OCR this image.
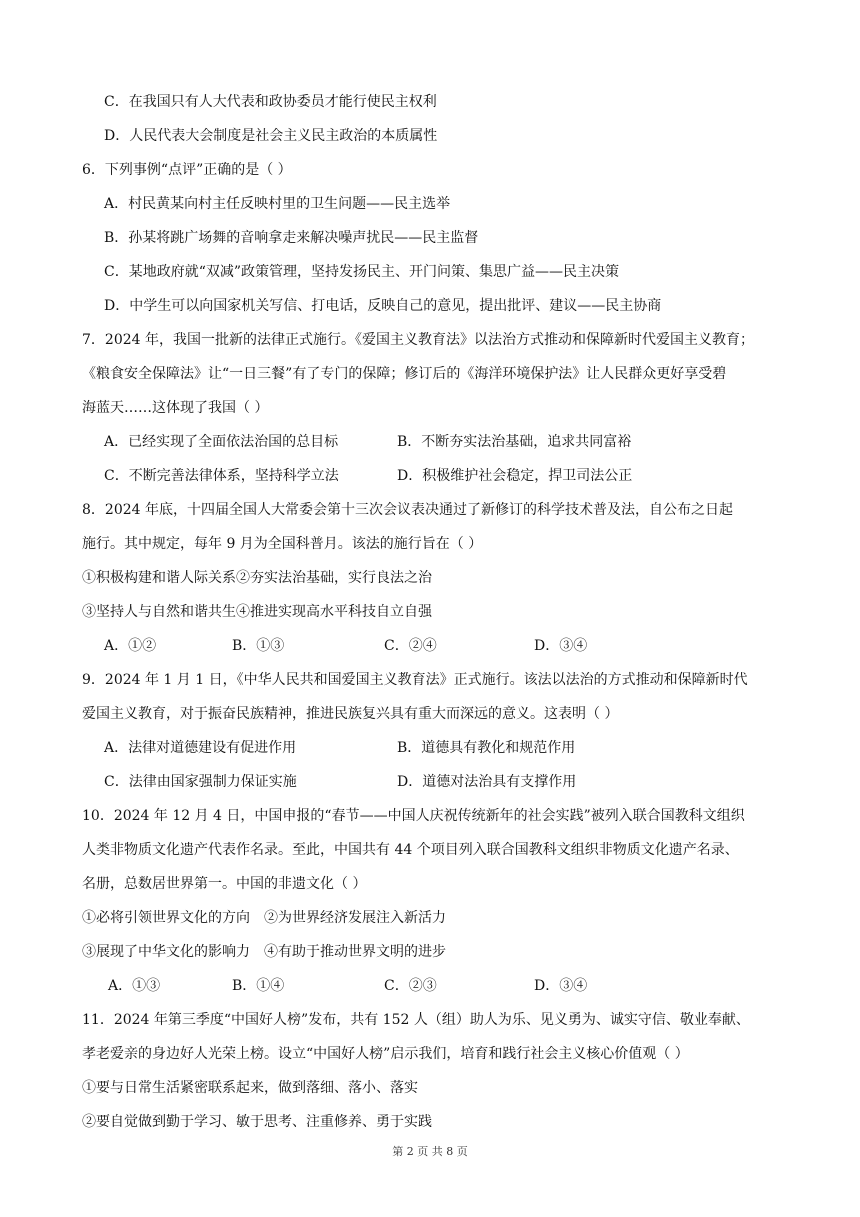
C．在我国只有人大代表和政协委员才能行使民主权利
D．人民代表大会制度是社会主义民主政治的本质属性
6．下列事例“点评”正确的是（ ）
A．村民黄某向村主任反映村里的卫生问题——民主选举
B．孙某将跳广场舞的音响拿走来解决噪声扰民——民主监督
C．某地政府就“双减”政策管理，坚持发扬民主、开门问策、集思广益——民主决策
D．中学生可以向国家机关写信、打电话，反映自己的意见，提出批评、建议——民主协商
7．2024 年，我国一批新的法律正式施行。《爱国主义教育法》以法治方式推动和保障新时代爱国主义教育；
《粮食安全保障法》让“一日三餐”有了专门的保障；修订后的《海洋环境保护法》让人民群众更好享受碧
海蓝天……这体现了我国（ ）
A．已经实现了全面依法治国的总目标	B．不断夯实法治基础，追求共同富裕
C．不断完善法律体系，坚持科学立法	D．积极维护社会稳定，捍卫司法公正
8．2024 年底，十四届全国人大常委会第十三次会议表决通过了新修订的科学技术普及法，自公布之日起
施行。其中规定，每年 9 月为全国科普月。该法的施行旨在（ ）
①积极构建和谐人际关系②夯实法治基础，实行良法之治
③坚持人与自然和谐共生④推进实现高水平科技自立自强
A．①②	B．①③	C．②④	D．③④
9．2024 年 1 月 1 日，《中华人民共和国爱国主义教育法》正式施行。该法以法治的方式推动和保障新时代
爱国主义教育，对于振奋民族精神，推进民族复兴具有重大而深远的意义。这表明（ ）
A．法律对道德建设有促进作用	B．道德具有教化和规范作用
C．法律由国家强制力保证实施	D．道德对法治具有支撑作用
10．2024 年 12 月 4 日，中国申报的“春节——中国人庆祝传统新年的社会实践”被列入联合国教科文组织
人类非物质文化遗产代表作名录。至此，中国共有 44 个项目列入联合国教科文组织非物质文化遗产名录、
名册，总数居世界第一。中国的非遗文化（ ）
①必将引领世界文化的方向　②为世界经济发展注入新活力
③展现了中华文化的影响力　④有助于推动世界文明的进步
A．①③	B．①④	C．②③	D．③④
11．2024 年第三季度“中国好人榜”发布，共有 152 人（组）助人为乐、见义勇为、诚实守信、敬业奉献、
孝老爱亲的身边好人光荣上榜。设立“中国好人榜”启示我们，培育和践行社会主义核心价值观（ ）
①要与日常生活紧密联系起来，做到落细、落小、落实
②要自觉做到勤于学习、敏于思考、注重修养、勇于实践
第 2 页 共 8 页
